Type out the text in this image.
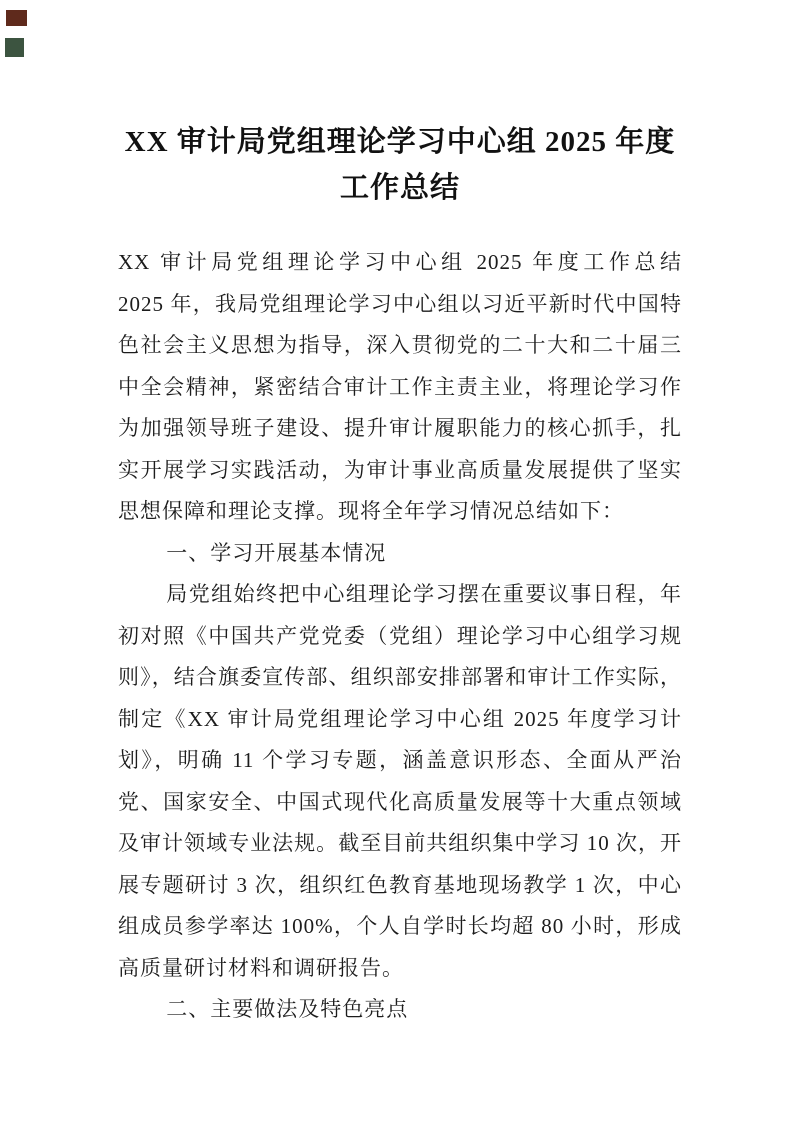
XX 审计局党组理论学习中心组 2025 年度工作总结

XX 审计局党组理论学习中心组 2025 年度工作总结　　2025 年，我局党组理论学习中心组以习近平新时代中国特色社会主义思想为指导，深入贯彻党的二十大和二十届三中全会精神，紧密结合审计工作主责主业，将理论学习作为加强领导班子建设、提升审计履职能力的核心抓手，扎实开展学习实践活动，为审计事业高质量发展提供了坚实思想保障和理论支撑。现将全年学习情况总结如下：

一、学习开展基本情况

局党组始终把中心组理论学习摆在重要议事日程，年初对照《中国共产党党委（党组）理论学习中心组学习规则》，结合旗委宣传部、组织部安排部署和审计工作实际，制定《XX 审计局党组理论学习中心组 2025 年度学习计划》，明确 11 个学习专题，涵盖意识形态、全面从严治党、国家安全、中国式现代化高质量发展等十大重点领域及审计领域专业法规。截至目前共组织集中学习 10 次，开展专题研讨 3 次，组织红色教育基地现场教学 1 次，中心组成员参学率达 100%，个人自学时长均超 80 小时，形成高质量研讨材料和调研报告。

二、主要做法及特色亮点
